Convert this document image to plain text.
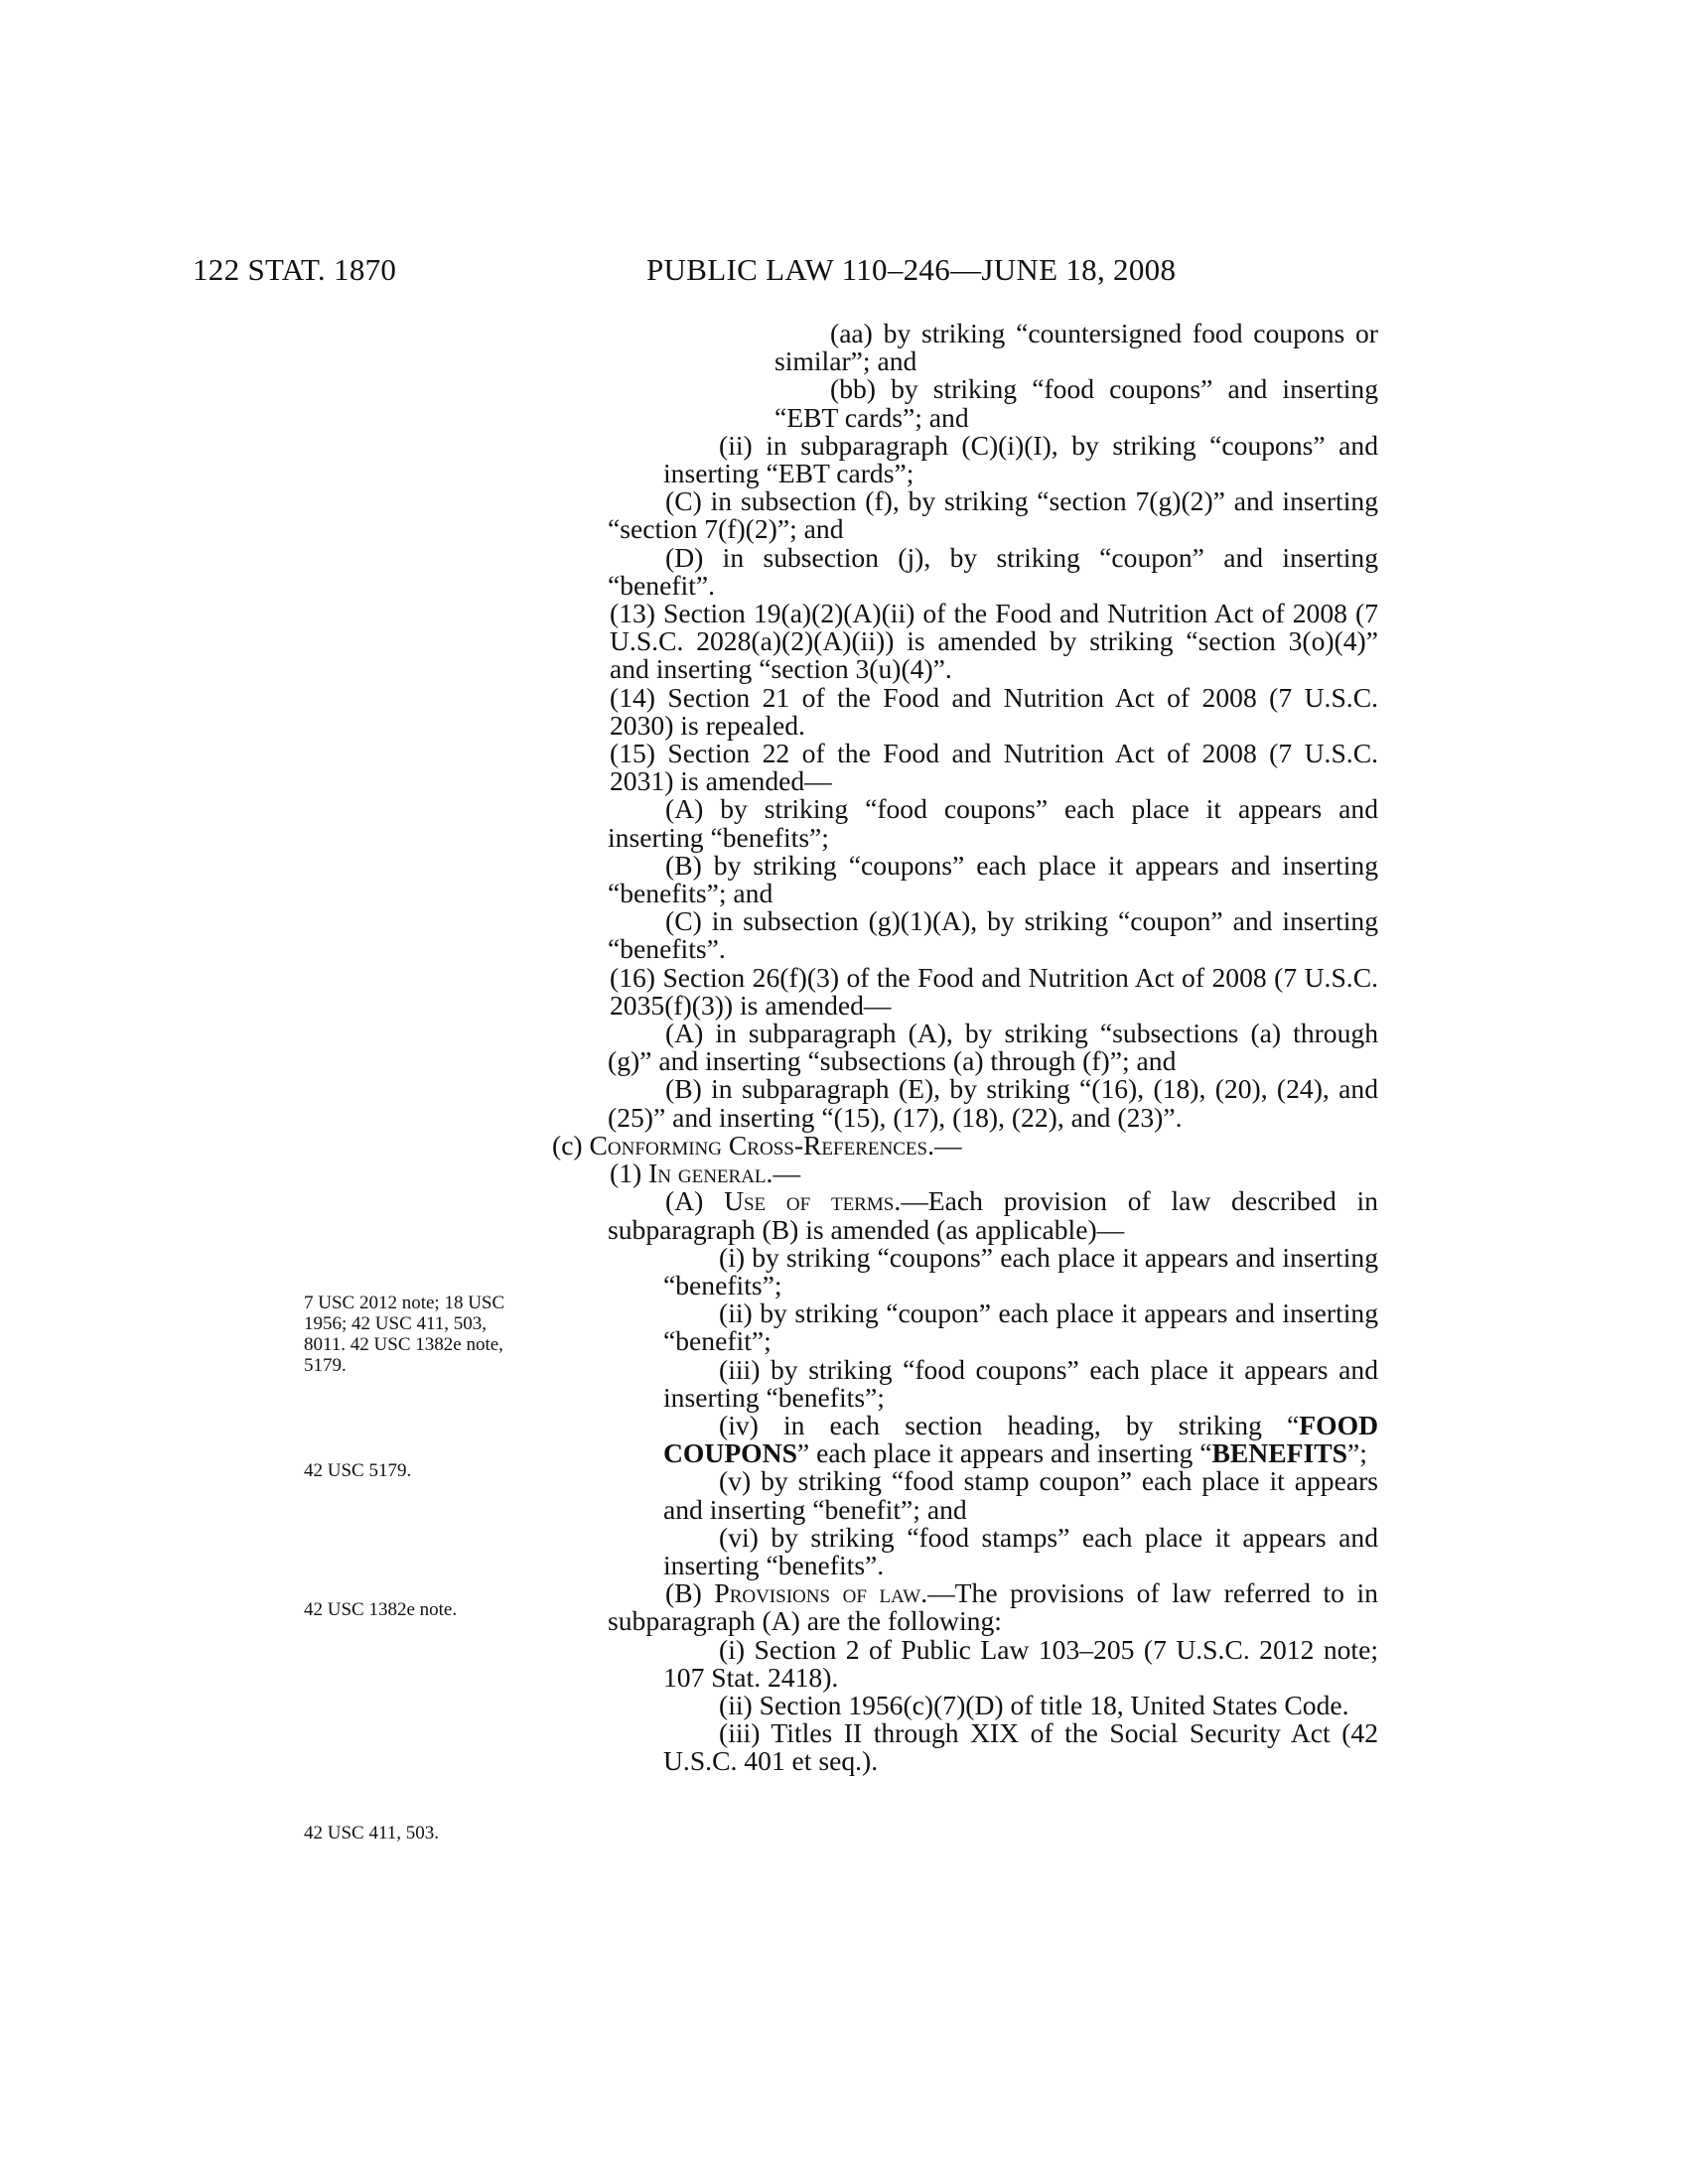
122 STAT. 1870	PUBLIC LAW 110–246—JUNE 18, 2008
7 USC 2012 note; 18 USC 1956; 42 USC 411, 503, 8011. 42 USC 1382e note, 5179.
42 USC 5179.
42 USC 1382e note.
42 USC 411, 503.

(aa) by striking “countersigned food coupons or similar”; and

(bb) by striking “food coupons” and inserting “EBT cards”; and

(ii) in subparagraph (C)(i)(I), by striking “coupons” and inserting “EBT cards”;

(C) in subsection (f), by striking “section 7(g)(2)” and inserting “section 7(f)(2)”; and

(D) in subsection (j), by striking “coupon” and inserting “benefit”.

(13) Section 19(a)(2)(A)(ii) of the Food and Nutrition Act of 2008 (7 U.S.C. 2028(a)(2)(A)(ii)) is amended by striking “section 3(o)(4)” and inserting “section 3(u)(4)”.

(14) Section 21 of the Food and Nutrition Act of 2008 (7 U.S.C. 2030) is repealed.

(15) Section 22 of the Food and Nutrition Act of 2008 (7 U.S.C. 2031) is amended—

(A) by striking “food coupons” each place it appears and inserting “benefits”;

(B) by striking “coupons” each place it appears and inserting “benefits”; and

(C) in subsection (g)(1)(A), by striking “coupon” and inserting “benefits”.

(16) Section 26(f)(3) of the Food and Nutrition Act of 2008 (7 U.S.C. 2035(f)(3)) is amended—

(A) in subparagraph (A), by striking “subsections (a) through (g)” and inserting “subsections (a) through (f)”; and

(B) in subparagraph (E), by striking “(16), (18), (20), (24), and (25)” and inserting “(15), (17), (18), (22), and (23)”.

(c) Conforming Cross-References.—

(1) In general.—

(A) Use of terms.—Each provision of law described in subparagraph (B) is amended (as applicable)—

(i) by striking “coupons” each place it appears and inserting “benefits”;

(ii) by striking “coupon” each place it appears and inserting “benefit”;

(iii) by striking “food coupons” each place it appears and inserting “benefits”;

(iv) in each section heading, by striking “FOOD COUPONS” each place it appears and inserting “BENEFITS”;

(v) by striking “food stamp coupon” each place it appears and inserting “benefit”; and

(vi) by striking “food stamps” each place it appears and inserting “benefits”.

(B) Provisions of law.—The provisions of law referred to in subparagraph (A) are the following:

(i) Section 2 of Public Law 103–205 (7 U.S.C. 2012 note; 107 Stat. 2418).

(ii) Section 1956(c)(7)(D) of title 18, United States Code.

(iii) Titles II through XIX of the Social Security Act (42 U.S.C. 401 et seq.).
